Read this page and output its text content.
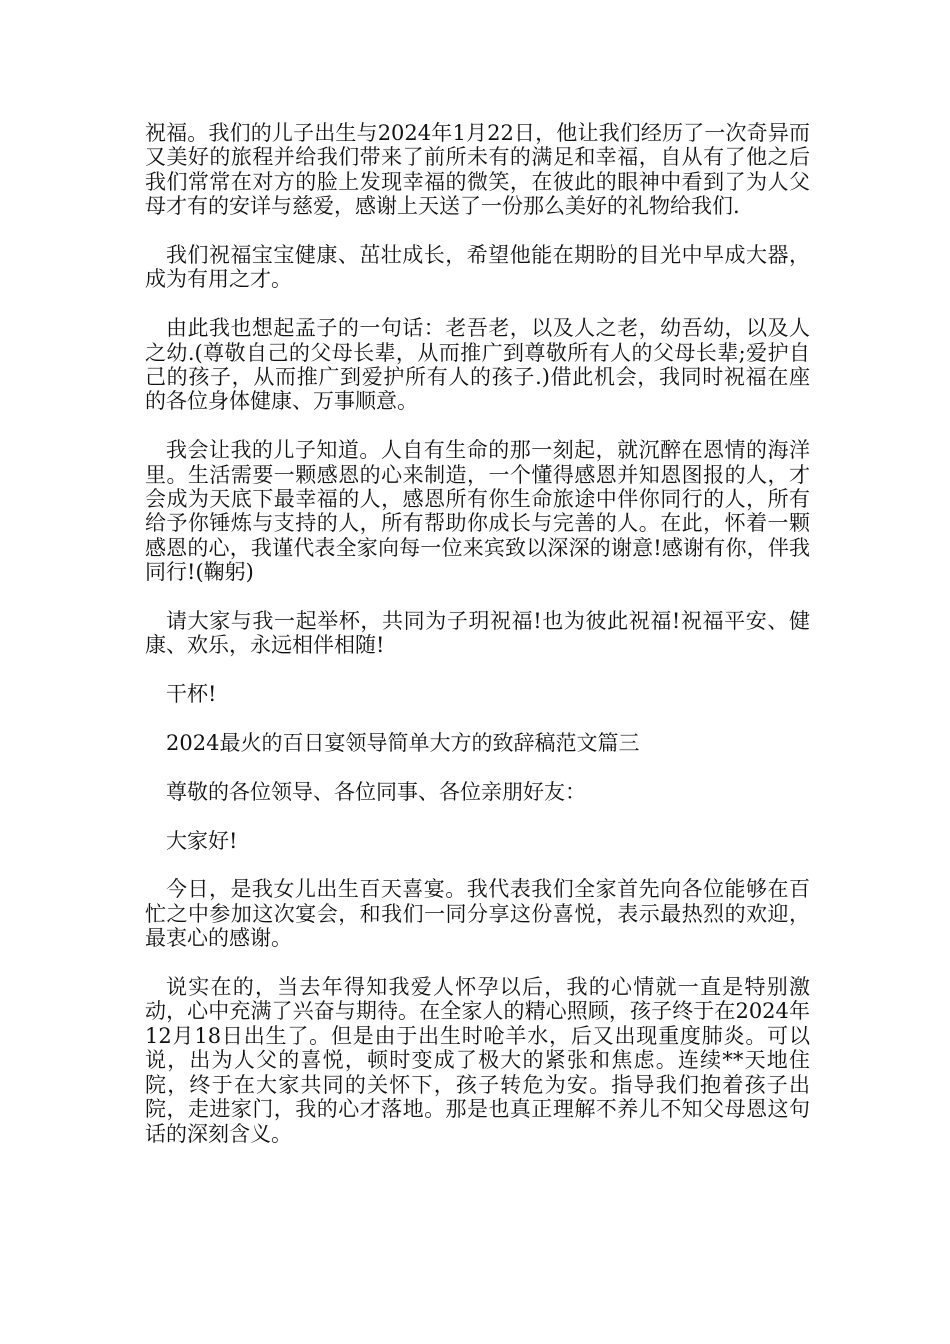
祝福。我们的儿子出生与2024年1月22日，他让我们经历了一次奇异而又美好的旅程并给我们带来了前所未有的满足和幸福，自从有了他之后我们常常在对方的脸上发现幸福的微笑，在彼此的眼神中看到了为人父母才有的安详与慈爱，感谢上天送了一份那么美好的礼物给我们.

我们祝福宝宝健康、茁壮成长，希望他能在期盼的目光中早成大器，成为有用之才。

由此我也想起孟子的一句话：老吾老，以及人之老，幼吾幼，以及人之幼.(尊敬自己的父母长辈，从而推广到尊敬所有人的父母长辈;爱护自己的孩子，从而推广到爱护所有人的孩子.)借此机会，我同时祝福在座的各位身体健康、万事顺意。

我会让我的儿子知道。人自有生命的那一刻起，就沉醉在恩情的海洋里。生活需要一颗感恩的心来制造，一个懂得感恩并知恩图报的人，才会成为天底下最幸福的人，感恩所有你生命旅途中伴你同行的人，所有给予你锤炼与支持的人，所有帮助你成长与完善的人。在此，怀着一颗感恩的心，我谨代表全家向每一位来宾致以深深的谢意!感谢有你，伴我同行!(鞠躬)

请大家与我一起举杯，共同为子玥祝福!也为彼此祝福!祝福平安、健康、欢乐，永远相伴相随!

干杯!

2024最火的百日宴领导简单大方的致辞稿范文篇三

尊敬的各位领导、各位同事、各位亲朋好友：

大家好!

今日，是我女儿出生百天喜宴。我代表我们全家首先向各位能够在百忙之中参加这次宴会，和我们一同分享这份喜悦，表示最热烈的欢迎，最衷心的感谢。

说实在的，当去年得知我爱人怀孕以后，我的心情就一直是特别激动，心中充满了兴奋与期待。在全家人的精心照顾，孩子终于在2024年12月18日出生了。但是由于出生时呛羊水，后又出现重度肺炎。可以说，出为人父的喜悦，顿时变成了极大的紧张和焦虑。连续**天地住院，终于在大家共同的关怀下，孩子转危为安。指导我们抱着孩子出院，走进家门，我的心才落地。那是也真正理解不养儿不知父母恩这句话的深刻含义。
